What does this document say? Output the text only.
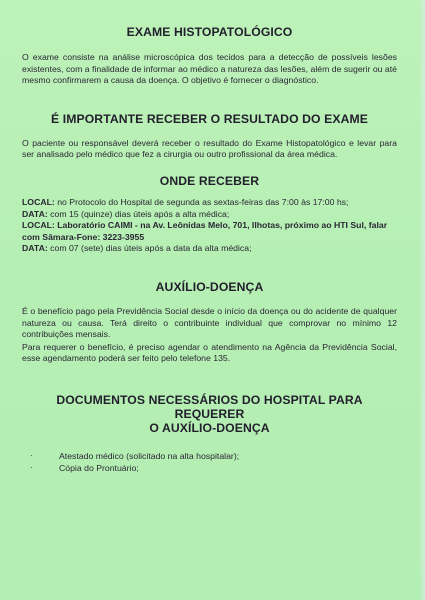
EXAME HISTOPATOLÓGICO

O exame consiste na análise microscópica dos tecidos para a detecção de possíveis lesões existentes, com a finalidade de informar ao médico a natureza das lesões, além de sugerir ou até mesmo confirmarem a causa da doença. O objetivo é fornecer o diagnóstico.

É IMPORTANTE RECEBER O RESULTADO DO EXAME

O paciente ou responsável deverá receber o resultado do Exame Histopatológico e levar para ser analisado pelo médico que fez a cirurgia ou outro profissional da área médica.

ONDE RECEBER

LOCAL: no Protocolo do Hospital de segunda as sextas-feiras das 7:00 às 17:00 hs;

DATA: com 15 (quinze) dias úteis após a alta médica;

LOCAL: Laboratório CAIMI - na Av. Leônidas Melo, 701, Ilhotas, próximo ao HTI Sul, falar com Sâmara-Fone: 3223-3955

DATA: com 07 (sete) dias úteis após a data da alta médica;

AUXÍLIO-DOENÇA

É o benefício pago pela Previdência Social desde o início da doença ou do acidente de qualquer natureza ou causa. Terá direito o contribuinte individual que comprovar no mínimo 12 contribuições mensais.

Para requerer o benefício, é preciso agendar o atendimento na Agência da Previdência Social, esse agendamento poderá ser feito pelo telefone 135.

DOCUMENTOS NECESSÁRIOS DO HOSPITAL PARA REQUERER
O AUXÍLIO-DOENÇA
·	Atestado médico (solicitado na alta hospitalar);
·	Cópia do Prontuário;
